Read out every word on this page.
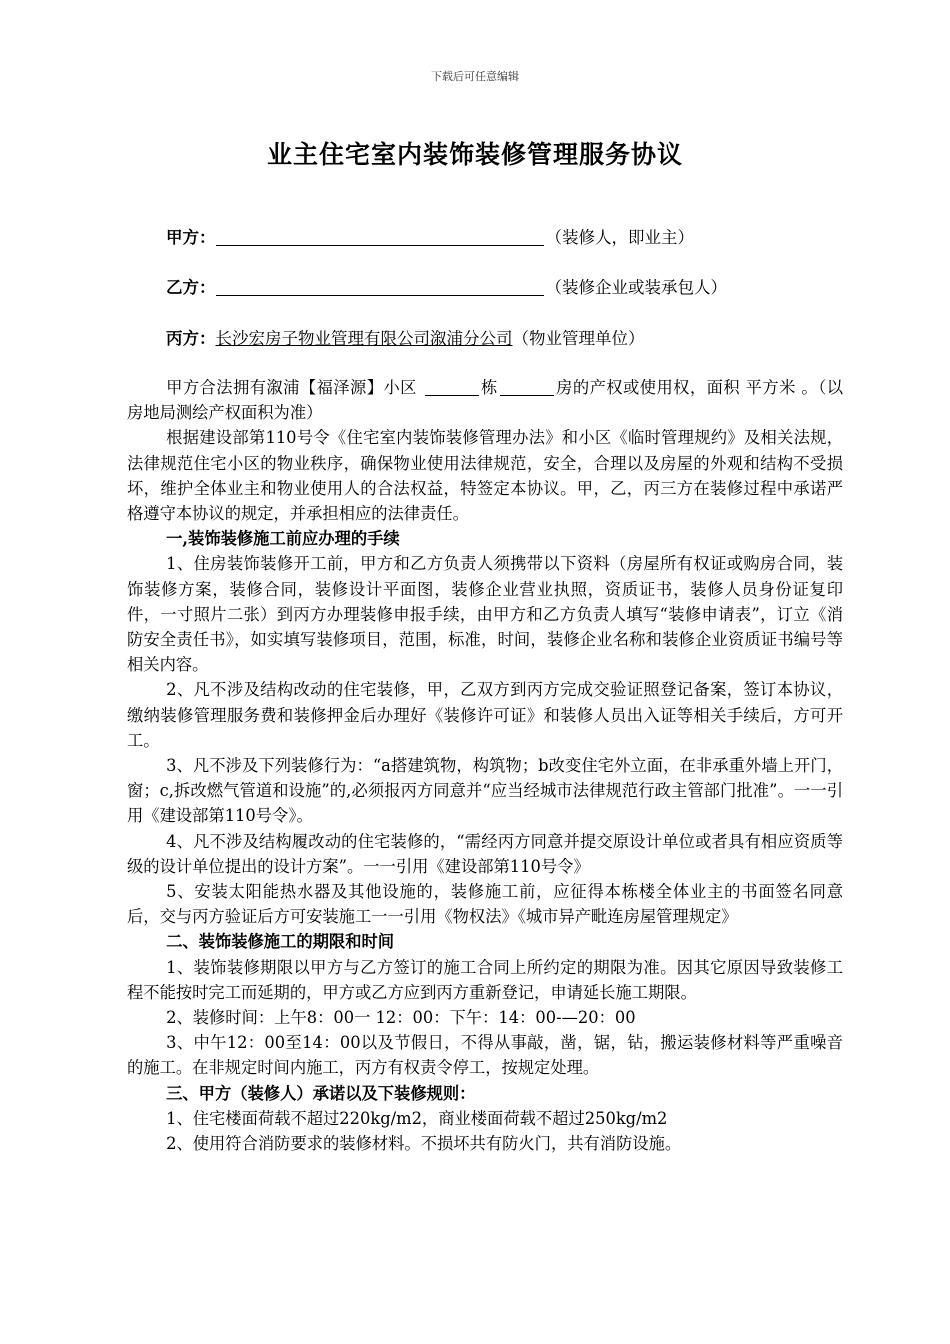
下载后可任意编辑
业主住宅室内装饰装修管理服务协议
甲方：	（装修人，即业主）
乙方：	（装修企业或装承包人）
丙方：长沙宏房子物业管理有限公司溆浦分公司（物业管理单位）

甲方合法拥有溆浦【福泽源】小区	栋	房的产权或使用权，面积 平方米 。（以房地局测绘产权面积为准）

根据建设部第110号令《住宅室内装饰装修管理办法》和小区《临时管理规约》及相关法规，法律规范住宅小区的物业秩序，确保物业使用法律规范，安全，合理以及房屋的外观和结构不受损坏，维护全体业主和物业使用人的合法权益，特签定本协议。甲，乙，丙三方在装修过程中承诺严格遵守本协议的规定，并承担相应的法律责任。

一,装饰装修施工前应办理的手续

1、住房装饰装修开工前，甲方和乙方负责人须携带以下资料（房屋所有权证或购房合同，装饰装修方案，装修合同，装修设计平面图，装修企业营业执照，资质证书，装修人员身份证复印件，一寸照片二张）到丙方办理装修申报手续，由甲方和乙方负责人填写“装修申请表”，订立《消防安全责任书》，如实填写装修项目，范围，标准，时间，装修企业名称和装修企业资质证书编号等相关内容。

2、凡不涉及结构改动的住宅装修，甲，乙双方到丙方完成交验证照登记备案，签订本协议，缴纳装修管理服务费和装修押金后办理好《装修许可证》和装修人员出入证等相关手续后，方可开工。

3、凡不涉及下列装修行为：“a搭建筑物，构筑物；b改变住宅外立面，在非承重外墙上开门，窗；c,拆改燃气管道和设施”的,必须报丙方同意并“应当经城市法律规范行政主管部门批准”。一一引用《建设部第110号令》。

4、凡不涉及结构履改动的住宅装修的，“需经丙方同意并提交原设计单位或者具有相应资质等级的设计单位提出的设计方案”。一一引用《建设部第110号令》

5、安装太阳能热水器及其他设施的，装修施工前，应征得本栋楼全体业主的书面签名同意后，交与丙方验证后方可安装施工一一引用《物权法》《城市异产毗连房屋管理规定》

二、装饰装修施工的期限和时间

1、装饰装修期限以甲方与乙方签订的施工合同上所约定的期限为准。因其它原因导致装修工程不能按时完工而延期的，甲方或乙方应到丙方重新登记，申请延长施工期限。

2、装修时间：上午8：00一 12：00：下午：14：00-—20：00

3、中午12：00至14：00以及节假日，不得从事敲，凿，锯，钻，搬运装修材料等严重噪音的施工。在非规定时间内施工，丙方有权责令停工，按规定处理。

三、甲方（装修人）承诺以及下装修规则：

1、住宅楼面荷载不超过220kg/m2，商业楼面荷载不超过250kg/m2

2、使用符合消防要求的装修材料。不损坏共有防火门，共有消防设施。
